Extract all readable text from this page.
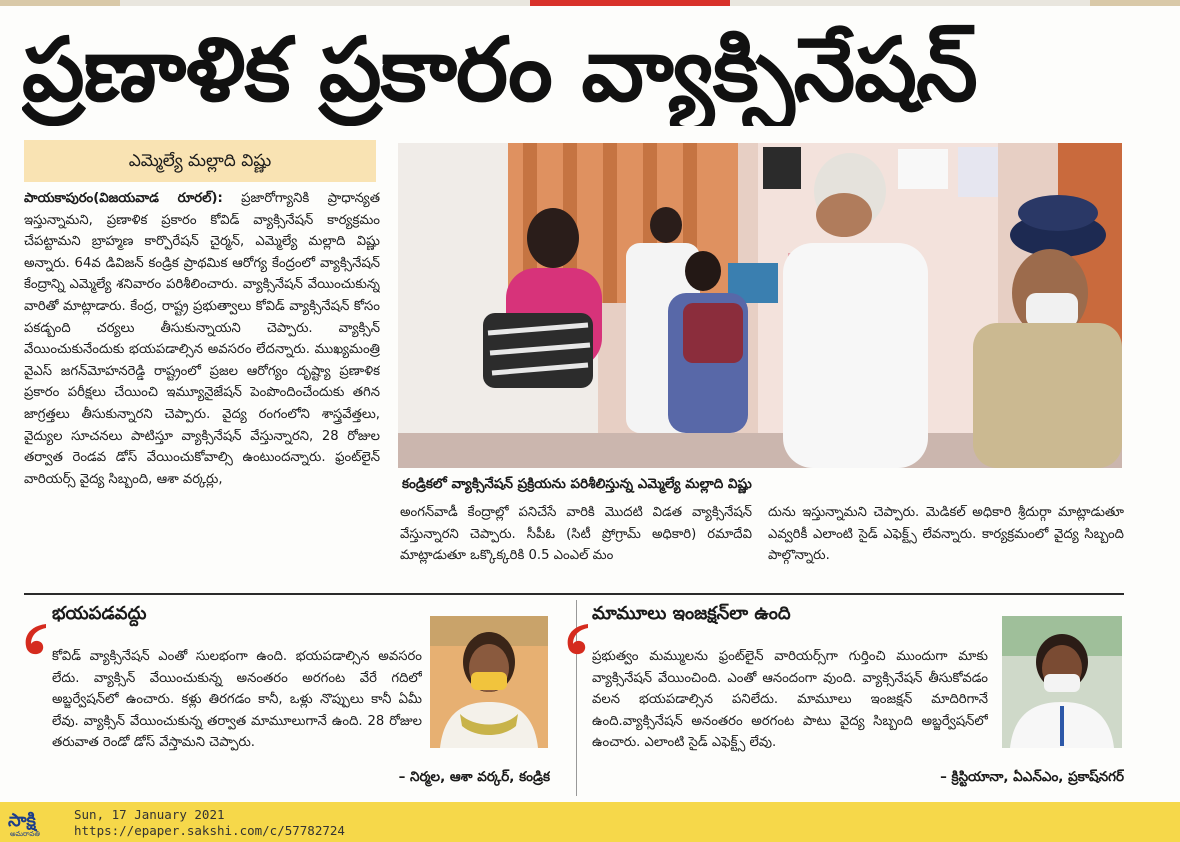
ప్రణాళిక ప్రకారం వ్యాక్సినేషన్
ఎమ్మెల్యే మల్లాది విష్ణు
పాయకాపురం(విజయవాడ రూరల్): ప్రజారోగ్యానికి ప్రాధాన్యత ఇస్తున్నామని, ప్రణాళిక ప్రకారం కోవిడ్ వ్యాక్సినేషన్ కార్యక్రమం చేపట్టామని బ్రాహ్మణ కార్పొరేషన్ చైర్మన్, ఎమ్మెల్యే మల్లాది విష్ణు అన్నారు. 64వ డివిజన్ కండ్రిక ప్రాథమిక ఆరోగ్య కేంద్రంలో వ్యాక్సినేషన్ కేంద్రాన్ని ఎమ్మెల్యే శనివారం పరిశీలించారు. వ్యాక్సినేషన్ వేయించుకున్న వారితో మాట్లాడారు. కేంద్ర, రాష్ట్ర ప్రభుత్వాలు కోవిడ్ వ్యాక్సినేషన్ కోసం పకడ్బంది చర్యలు తీసుకున్నాయని చెప్పారు. వ్యాక్సిన్ వేయించుకునేందుకు భయపడాల్సిన అవసరం లేదన్నారు. ముఖ్యమంత్రి వైఎస్ జగన్‌మోహన‌రెడ్డి రాష్ట్రంలో ప్రజల ఆరోగ్యం దృష్ట్యా ప్రణాళిక ప్రకారం పరీక్షలు చేయించి ఇమ్యూనైజేషన్ పెంపొందించేందుకు తగిన జాగ్రత్తలు తీసుకున్నారని చెప్పారు. వైద్య రంగంలోని శాస్త్రవేత్తలు, వైద్యుల సూచనలు పాటిస్తూ వ్యాక్సినేషన్ వేస్తున్నారని, 28 రోజుల తర్వాత రెండవ డోస్ వేయించుకోవాల్సి ఉంటుందన్నారు. ఫ్రంట్‌లైన్ వారియర్స్ వైద్య సిబ్బంది, ఆశా వర్కర్లు,	కండ్రికలో వ్యాక్సినేషన్ ప్రక్రియను పరిశీలిస్తున్న ఎమ్మెల్యే మల్లాది విష్ణు
అంగన్‌వాడీ కేంద్రాల్లో పనిచేసే వారికి మొదటి విడత వ్యాక్సినేషన్ వేస్తున్నారని చెప్పారు. సీపీఓ (సిటీ ప్రోగ్రామ్ అధికారి) రమాదేవి మాట్లాడుతూ ఒక్కొక్కరికి 0.5 ఎంఎల్ మం
దును ఇస్తున్నామని చెప్పారు. మెడికల్ అధికారి శ్రీదుర్గా మాట్లాడుతూ ఎవ్వరికీ ఎలాంటి సైడ్ ఎఫెక్ట్స్ లేవన్నారు. కార్యక్రమంలో వైద్య సిబ్బంది పాల్గొన్నారు.
భయపడవద్దు
కోవిడ్ వ్యాక్సినేషన్ ఎంతో సులభంగా ఉంది. భయపడాల్సిన అవసరం లేదు. వ్యాక్సిన్ వేయించుకున్న అనంతరం అరగంట వేరే గదిలో అబ్జర్వేషన్‌లో ఉంచారు. కళ్లు తిరగడం కానీ, ఒళ్లు నొప్పులు కానీ ఏమీ లేవు. వ్యాక్సిన్ వేయించుకున్న తర్వాత మామూలుగానే ఉంది. 28 రోజుల తరువాత రెండో డోస్ వేస్తామని చెప్పారు.
– నిర్మల, ఆశా వర్కర్, కండ్రిక
మామూలు ఇంజక్షన్‌లా ఉంది
ప్రభుత్వం మమ్ములను ఫ్రంట్‌లైన్ వారియర్స్‌గా గుర్తించి ముందుగా మాకు వ్యాక్సినేషన్ వేయించింది. ఎంతో ఆనందంగా వుంది. వ్యాక్సినేషన్ తీసుకోవడం వలన భయపడాల్సిన పనిలేదు. మామూలు ఇంజక్షన్ మాదిరిగానే ఉంది.వ్యాక్సినేషన్ అనంతరం అరగంట పాటు వైద్య సిబ్బంది అబ్జర్వేషన్‌లో ఉంచారు. ఎలాంటి సైడ్ ఎఫెక్ట్స్ లేవు.
– క్రిస్టియానా, ఏఎన్ఎం, ప్రకాష్‌నగర్
సాక్షి
అమరావతి
Sun, 17 January 2021
https://epaper.sakshi.com/c/57782724
